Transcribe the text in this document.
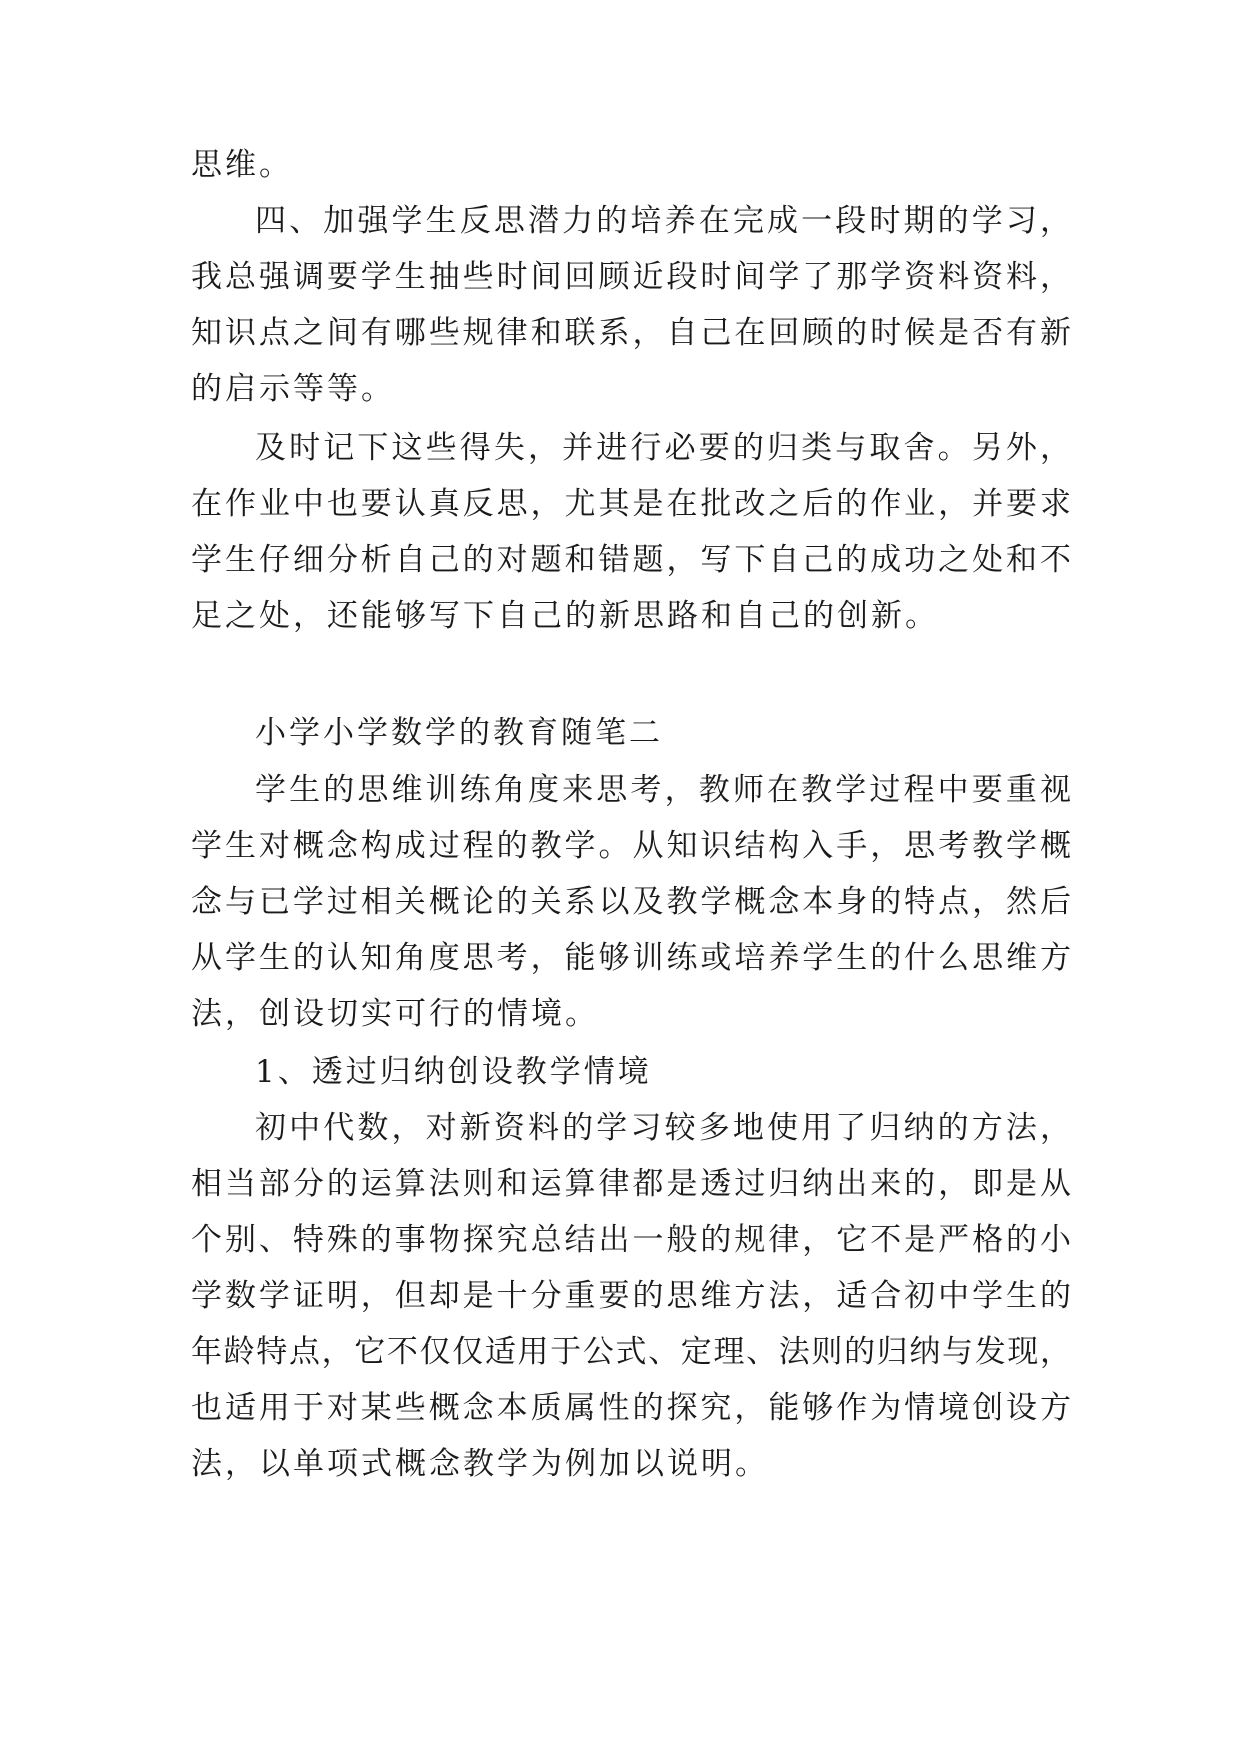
思维。

四、加强学生反思潜力的培养在完成一段时期的学习，

我总强调要学生抽些时间回顾近段时间学了那学资料资料，

知识点之间有哪些规律和联系，自己在回顾的时候是否有新

的启示等等。

及时记下这些得失，并进行必要的归类与取舍。另外，

在作业中也要认真反思，尤其是在批改之后的作业，并要求

学生仔细分析自己的对题和错题，写下自己的成功之处和不

足之处，还能够写下自己的新思路和自己的创新。

小学小学数学的教育随笔二

学生的思维训练角度来思考，教师在教学过程中要重视

学生对概念构成过程的教学。从知识结构入手，思考教学概

念与已学过相关概论的关系以及教学概念本身的特点，然后

从学生的认知角度思考，能够训练或培养学生的什么思维方

法，创设切实可行的情境。

1、透过归纳创设教学情境

初中代数，对新资料的学习较多地使用了归纳的方法，

相当部分的运算法则和运算律都是透过归纳出来的，即是从

个别、特殊的事物探究总结出一般的规律，它不是严格的小

学数学证明，但却是十分重要的思维方法，适合初中学生的

年龄特点，它不仅仅适用于公式、定理、法则的归纳与发现，

也适用于对某些概念本质属性的探究，能够作为情境创设方

法，以单项式概念教学为例加以说明。
